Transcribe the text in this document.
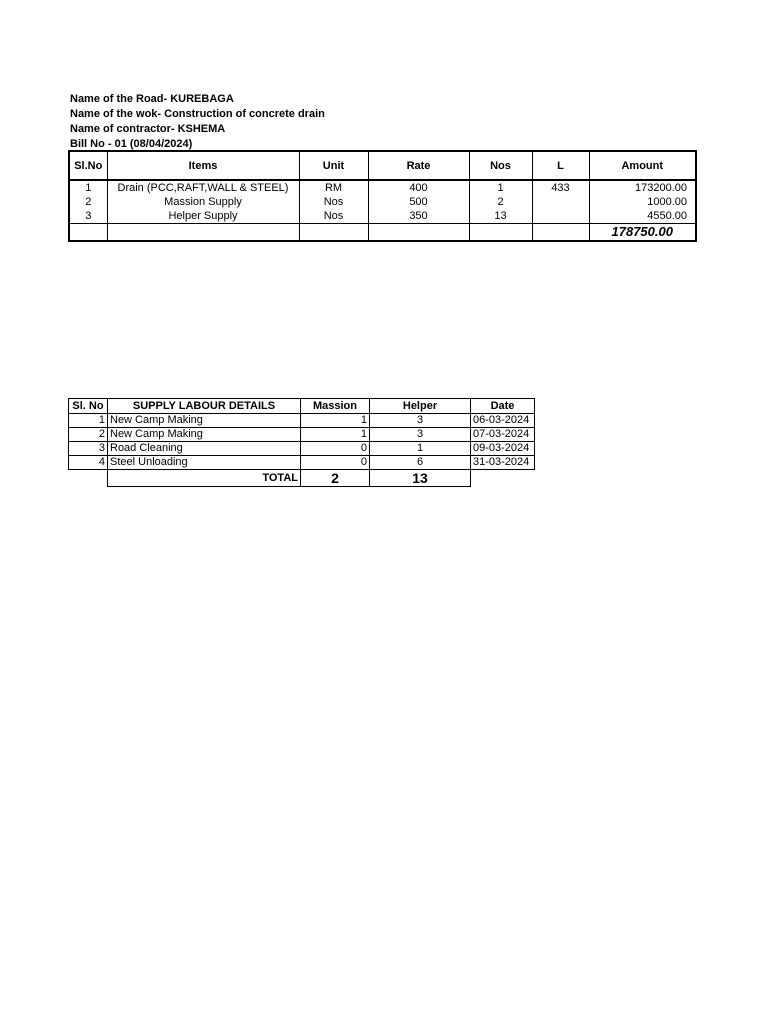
Name of the Road- KUREBAGA
Name of the wok- Construction of concrete drain
Name of contractor- KSHEMA
Bill No - 01 (08/04/2024)
Sl.No	Items	Unit	Rate	Nos	L	Amount
1	Drain (PCC,RAFT,WALL & STEEL)	RM	400	1	433	173200.00
2	Massion Supply	Nos	500	2		1000.00
3	Helper Supply	Nos	350	13		4550.00
						178750.00
Sl. No	SUPPLY LABOUR DETAILS	Massion	Helper	Date
1	New Camp Making	1	3	06-03-2024
2	New Camp Making	1	3	07-03-2024
3	Road Cleaning	0	1	09-03-2024
4	Steel Unloading	0	6	31-03-2024
	TOTAL	2	13	
